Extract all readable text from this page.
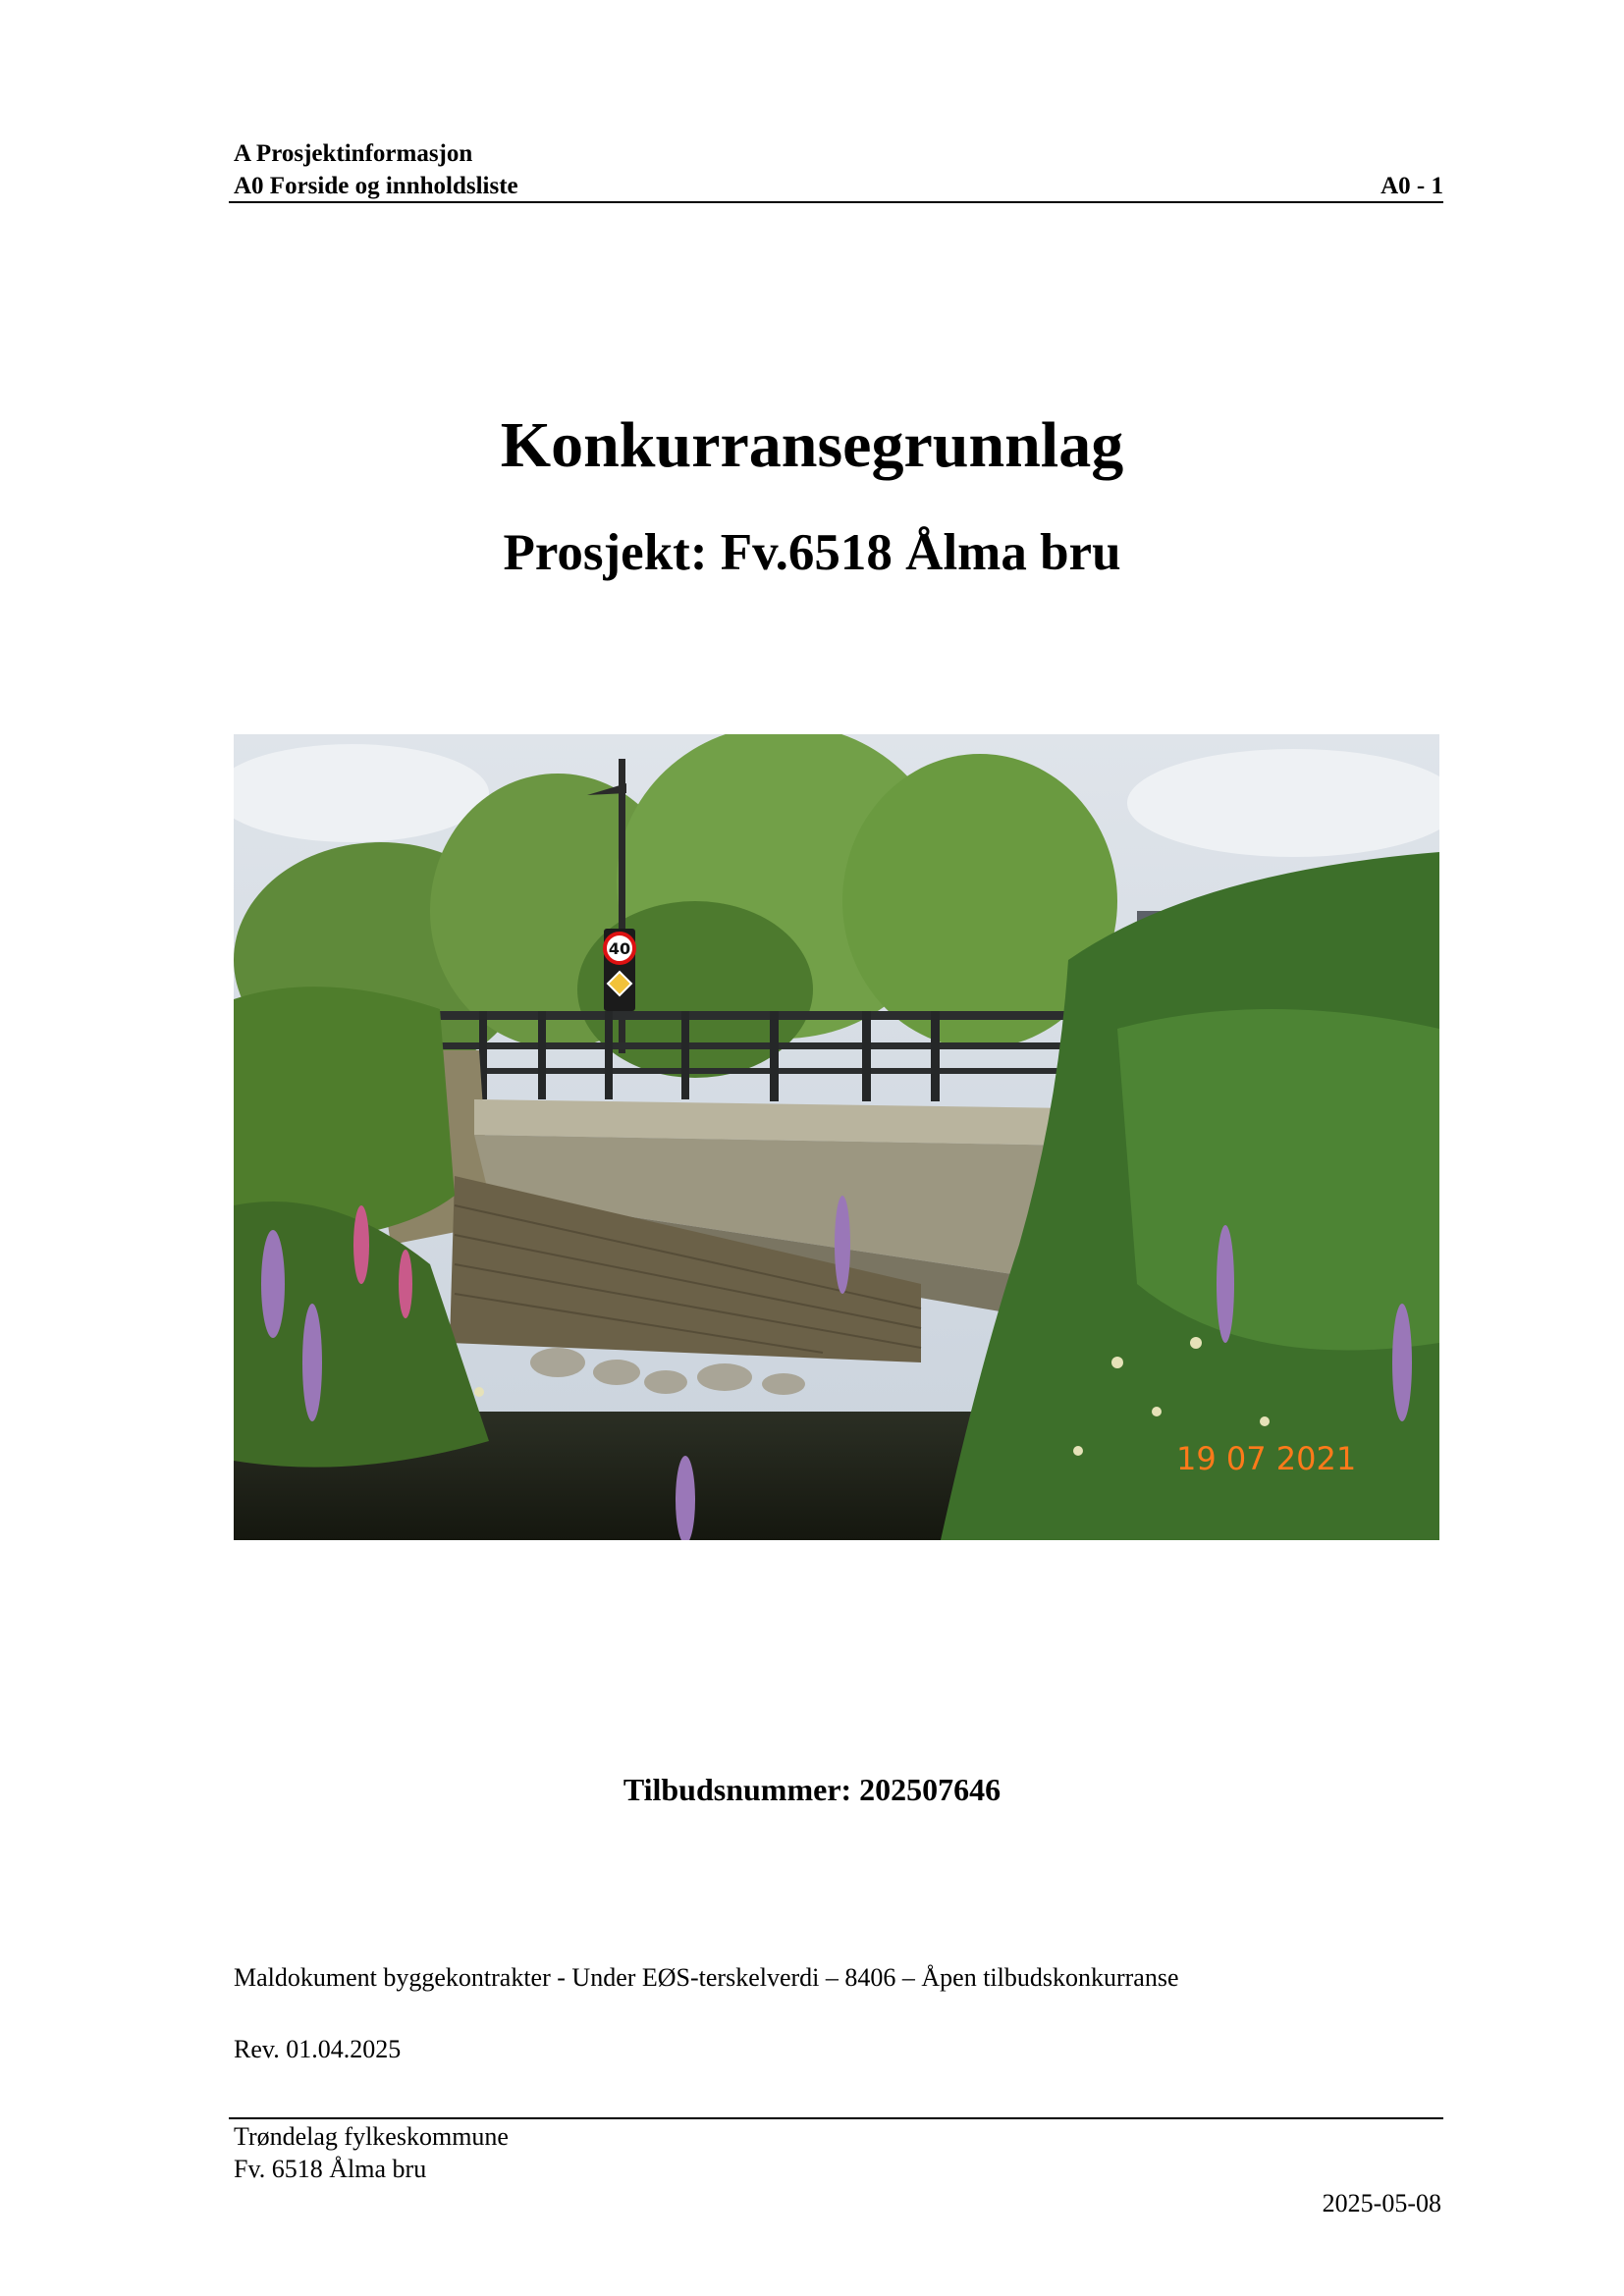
A Prosjektinformasjon
A0 Forside og innholdsliste	A0 - 1
Konkurransegrunnlag
Prosjekt: Fv.6518 Ålma bru
40
19 07 2021
Tilbudsnummer: 202507646
Maldokument byggekontrakter - Under EØS-terskelverdi – 8406 – Åpen tilbudskonkurranse
Rev. 01.04.2025
Trøndelag fylkeskommune
Fv. 6518 Ålma bru
2025-05-08
